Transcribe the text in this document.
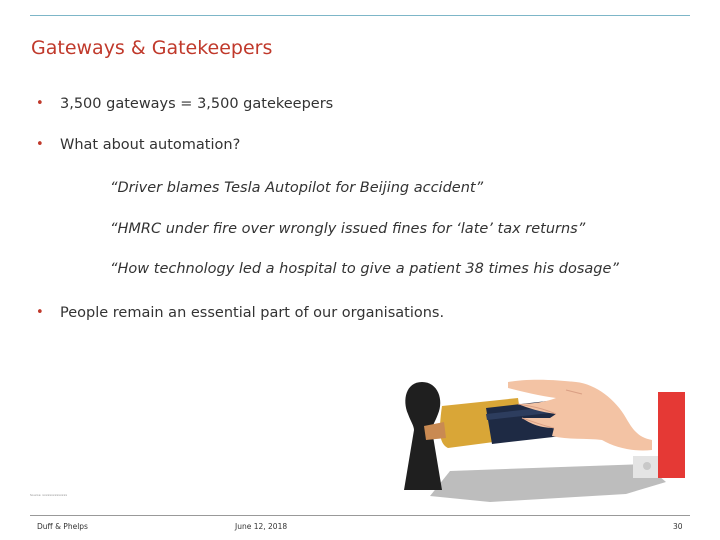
Gateways & Gatekeepers
• 3,500 gateways = 3,500 gatekeepers
• What about automation?
“Driver blames Tesla Autopilot for Beijing accident”
“HMRC under fire over wrongly issued fines for ‘late’ tax returns”
“How technology led a hospital to give a patient 38 times his dosage”
• People remain an essential part of our organisations.
Source: xxxxxxxxxxxxxx
Duff & Phelps	June 12, 2018	30
